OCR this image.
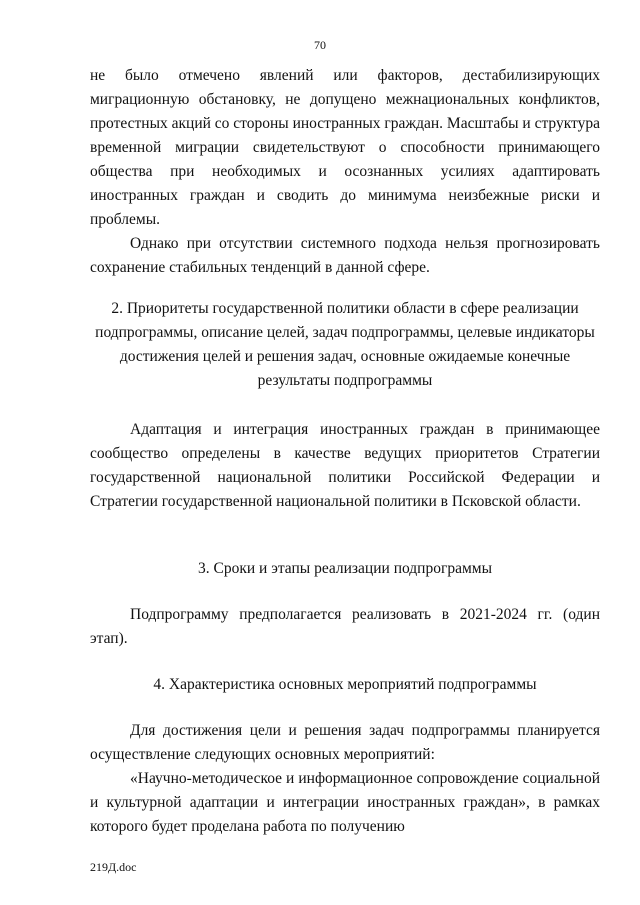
70

не было отмечено явлений или факторов, дестабилизирующих миграционную обстановку, не допущено межнациональных конфликтов, протестных акций со стороны иностранных граждан. Масштабы и структура временной миграции свидетельствуют о способности принимающего общества при необходимых и осознанных усилиях адаптировать иностранных граждан и сводить до минимума неизбежные риски и проблемы.

Однако при отсутствии системного подхода нельзя прогнозировать сохранение стабильных тенденций в данной сфере.

2. Приоритеты государственной политики области в сфере реализации подпрограммы, описание целей, задач подпрограммы, целевые индикаторы достижения целей и решения задач, основные ожидаемые конечные результаты подпрограммы

Адаптация и интеграция иностранных граждан в принимающее сообщество определены в качестве ведущих приоритетов Стратегии государственной национальной политики Российской Федерации и Стратегии государственной национальной политики в Псковской области.

3. Сроки и этапы реализации подпрограммы

Подпрограмму предполагается реализовать в 2021-2024 гг. (один этап).

4. Характеристика основных мероприятий подпрограммы

Для достижения цели и решения задач подпрограммы планируется осуществление следующих основных мероприятий:

«Научно-методическое и информационное сопровождение социальной и культурной адаптации и интеграции иностранных граждан», в рамках которого будет проделана работа по получению

219Д.doc
